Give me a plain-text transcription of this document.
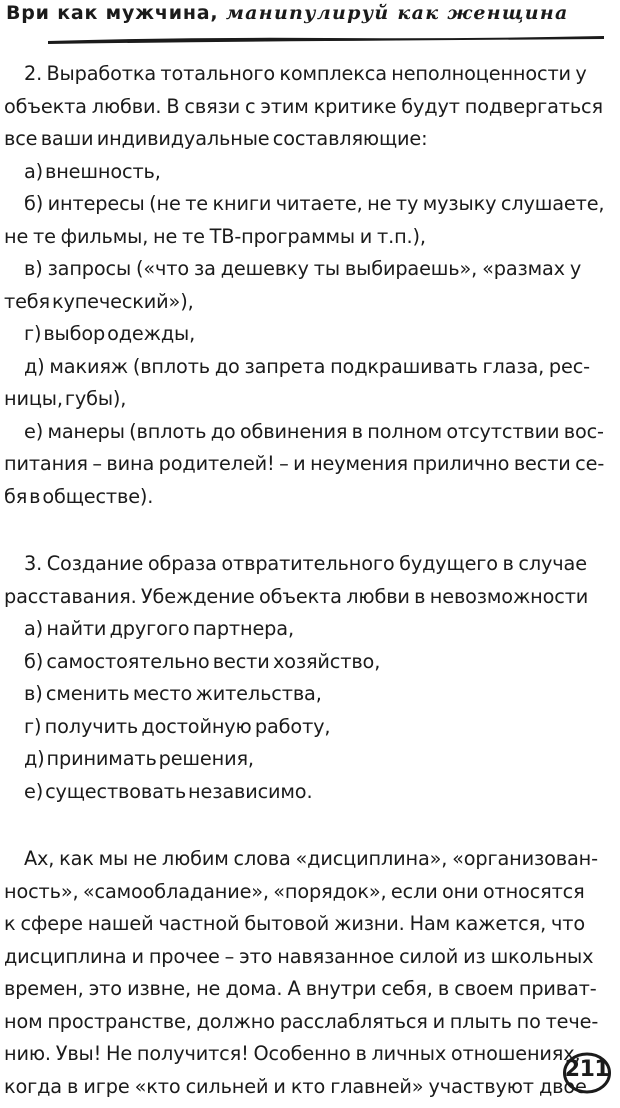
Ври как мужчина, манипулируй как женщина
2. Выработка тотального комплекса неполноценности у
объекта любви. В связи с этим критике будут подвергаться
все ваши индивидуальные составляющие:
а) внешность,
б) интересы (не те книги читаете, не ту музыку слушаете,
не те фильмы, не те ТВ-программы и т.п.),
в) запросы («что за дешевку ты выбираешь», «размах у
тебя купеческий»),
г) выбор одежды,
д) макияж (вплоть до запрета подкрашивать глаза, рес-
ницы, губы),
е) манеры (вплоть до обвинения в полном отсутствии вос-
питания – вина родителей! – и неумения прилично вести се-
бя в обществе).
3. Создание образа отвратительного будущего в случае
расставания. Убеждение объекта любви в невозможности
а) найти другого партнера,
б) самостоятельно вести хозяйство,
в) сменить место жительства,
г) получить достойную работу,
д) принимать решения,
е) существовать независимо.
Ах, как мы не любим слова «дисциплина», «организован-
ность», «самообладание», «порядок», если они относятся
к сфере нашей частной бытовой жизни. Нам кажется, что
дисциплина и прочее – это навязанное силой из школьных
времен, это извне, не дома. А внутри себя, в своем приват-
ном пространстве, должно расслабляться и плыть по тече-
нию. Увы! Не получится! Особенно в личных отношениях,
когда в игре «кто сильней и кто главней» участвуют двое.
211
